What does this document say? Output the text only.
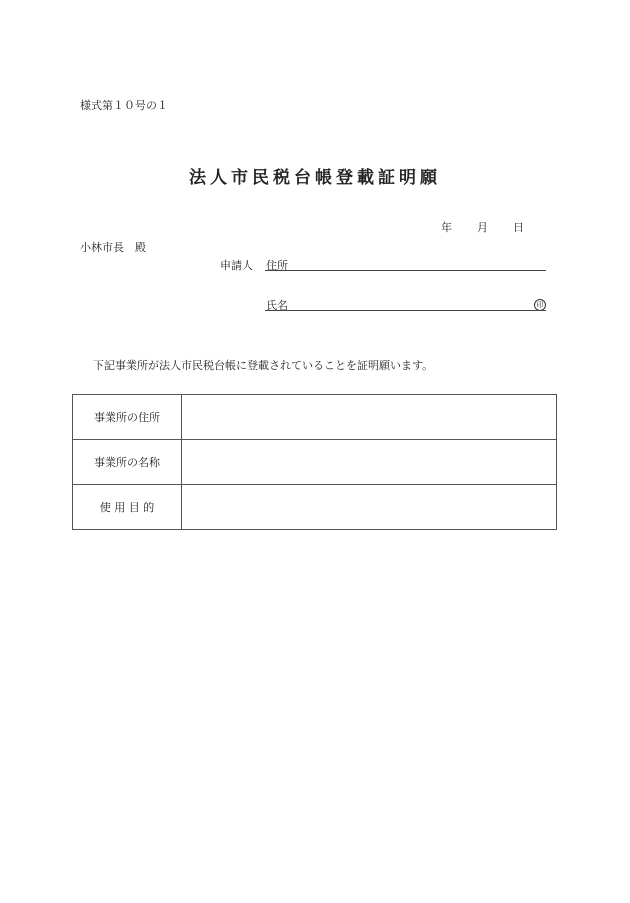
様式第１０号の１
法人市民税台帳登載証明願
年 月 日
小林市長　殿
申請人 住所
氏名	印
下記事業所が法人市民税台帳に登載されていることを証明願います。
事業所の住所	
事業所の名称	
使 用 目 的	
